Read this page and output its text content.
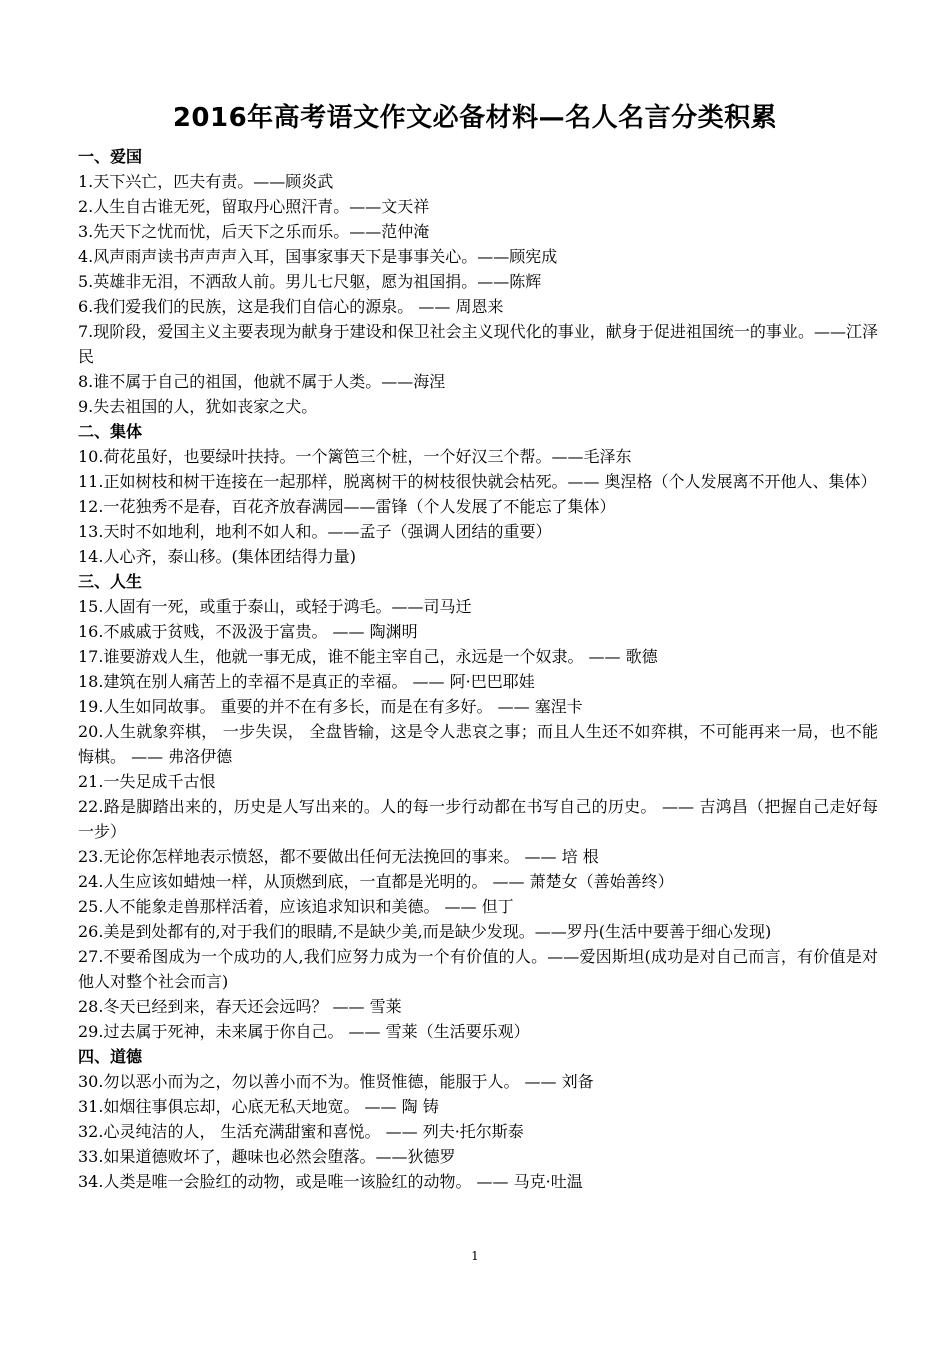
2016年高考语文作文必备材料—名人名言分类积累
一、爱国

1.天下兴亡，匹夫有责。——顾炎武

2.人生自古谁无死，留取丹心照汗青。——文天祥

3.先天下之忧而忧，后天下之乐而乐。——范仲淹

4.风声雨声读书声声声入耳，国事家事天下是事事关心。——顾宪成

5.英雄非无泪，不洒敌人前。男儿七尺躯，愿为祖国捐。——陈辉

6.我们爱我们的民族，这是我们自信心的源泉。 —— 周恩来

7.现阶段，爱国主义主要表现为献身于建设和保卫社会主义现代化的事业，献身于促进祖国统一的事业。——江泽民

8.谁不属于自己的祖国，他就不属于人类。——海涅

9.失去祖国的人，犹如丧家之犬。

二、集体

10.荷花虽好，也要绿叶扶持。一个篱笆三个桩，一个好汉三个帮。——毛泽东

11.正如树枝和树干连接在一起那样，脱离树干的树枝很快就会枯死。—— 奥涅格（个人发展离不开他人、集体）

12.一花独秀不是春，百花齐放春满园——雷锋（个人发展了不能忘了集体）

13.天时不如地利，地利不如人和。——孟子（强调人团结的重要）

14.人心齐，泰山移。(集体团结得力量)

三、人生

15.人固有一死，或重于泰山，或轻于鸿毛。——司马迁

16.不戚戚于贫贱，不汲汲于富贵。 —— 陶渊明

17.谁要游戏人生，他就一事无成，谁不能主宰自己，永远是一个奴隶。 —— 歌德

18.建筑在别人痛苦上的幸福不是真正的幸福。 —— 阿·巴巴耶娃

19.人生如同故事。 重要的并不在有多长，而是在有多好。 —— 塞涅卡

20.人生就象弈棋， 一步失误， 全盘皆输，这是令人悲哀之事；而且人生还不如弈棋，不可能再来一局，也不能悔棋。 —— 弗洛伊德

21.一失足成千古恨

22.路是脚踏出来的，历史是人写出来的。人的每一步行动都在书写自己的历史。 —— 吉鸿昌（把握自己走好每一步）

23.无论你怎样地表示愤怒，都不要做出任何无法挽回的事来。 —— 培 根

24.人生应该如蜡烛一样，从顶燃到底，一直都是光明的。 —— 萧楚女（善始善终）

25.人不能象走兽那样活着，应该追求知识和美德。 —— 但丁

26.美是到处都有的,对于我们的眼睛,不是缺少美,而是缺少发现。——罗丹(生活中要善于细心发现)

27.不要希图成为一个成功的人,我们应努力成为一个有价值的人。——爱因斯坦(成功是对自己而言，有价值是对他人对整个社会而言)

28.冬天已经到来，春天还会远吗？ —— 雪莱

29.过去属于死神，未来属于你自己。 —— 雪莱（生活要乐观）

四、道德

30.勿以恶小而为之，勿以善小而不为。惟贤惟德，能服于人。 —— 刘备

31.如烟往事俱忘却，心底无私天地宽。 —— 陶 铸

32.心灵纯洁的人， 生活充满甜蜜和喜悦。 —— 列夫·托尔斯泰

33.如果道德败坏了，趣味也必然会堕落。——狄德罗

34.人类是唯一会脸红的动物，或是唯一该脸红的动物。 —— 马克·吐温

1
